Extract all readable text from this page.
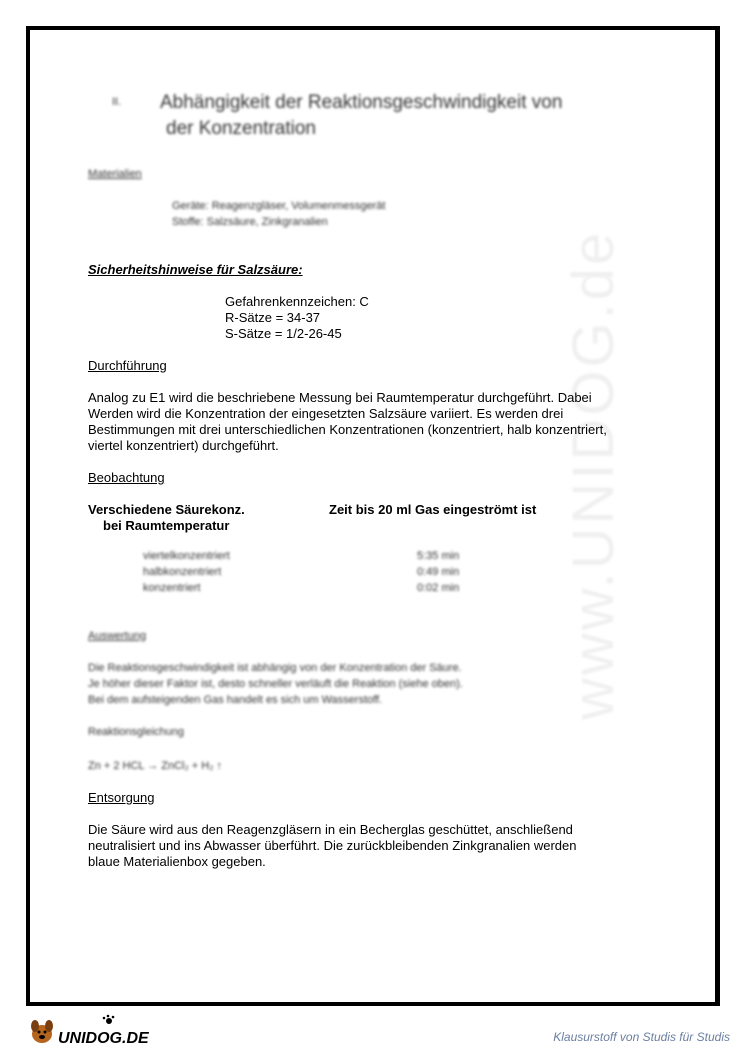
www.UNIDOG.de
II. Abhängigkeit der Reaktionsgeschwindigkeit von
der Konzentration
Materialien
Geräte: Reagenzgläser, Volumenmessgerät
Stoffe: Salzsäure, Zinkgranalien
Sicherheitshinweise für Salzsäure:
Gefahrenkennzeichen: C
R-Sätze = 34-37
S-Sätze = 1/2-26-45
Durchführung
Analog zu E1 wird die beschriebene Messung bei Raumtemperatur durchgeführt. Dabei
Werden wird die Konzentration der eingesetzten Salzsäure variiert. Es werden drei
Bestimmungen mit drei unterschiedlichen Konzentrationen (konzentriert, halb konzentriert,
viertel konzentriert) durchgeführt.
Beobachtung
Verschiedene Säurekonz.
bei Raumtemperatur
Zeit bis 20 ml Gas eingeströmt ist
viertelkonzentriert	5:35 min
halbkonzentriert	0:49 min
konzentriert	0:02 min
Auswertung
Die Reaktionsgeschwindigkeit ist abhängig von der Konzentration der Säure.
Je höher dieser Faktor ist, desto schneller verläuft die Reaktion (siehe oben).
Bei dem aufsteigenden Gas handelt es sich um Wasserstoff.
Reaktionsgleichung
Zn + 2 HCL → ZnCl₂ + H₂ ↑
Entsorgung
Die Säure wird aus den Reagenzgläsern in ein Becherglas geschüttet, anschließend
neutralisiert und ins Abwasser überführt. Die zurückbleibenden Zinkgranalien werden
blaue Materialienbox gegeben.
UNIDOG.DE	Klausurstoff von Studis für Studis
